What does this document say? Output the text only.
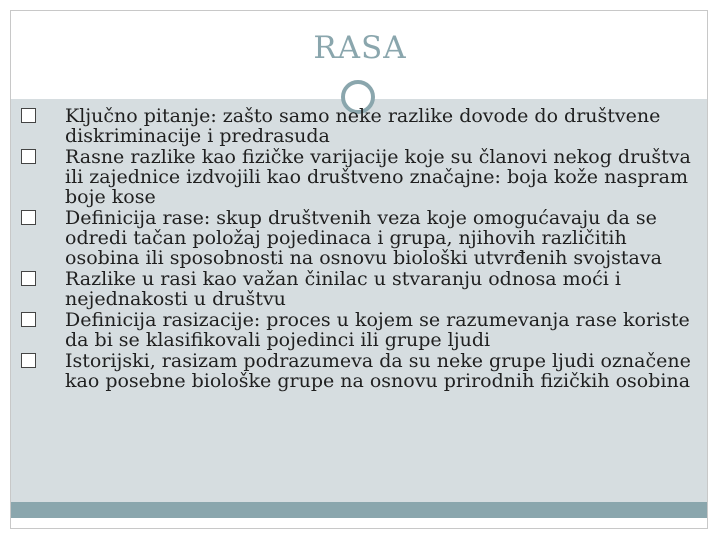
RASA
Ključno pitanje: zašto samo neke razlike dovode do društvene diskriminacije i predrasuda
Rasne razlike kao fizičke varijacije koje su članovi nekog društva ili zajednice izdvojili kao društveno značajne: boja kože naspram boje kose
Definicija rase: skup društvenih veza koje omogućavaju da se odredi tačan položaj pojedinaca i grupa, njihovih različitih osobina ili sposobnosti na osnovu biološki utvrđenih svojstava
Razlike u rasi kao važan činilac u stvaranju odnosa moći i nejednakosti u društvu
Definicija rasizacije: proces u kojem se razumevanja rase koriste da bi se klasifikovali pojedinci ili grupe ljudi
Istorijski, rasizam podrazumeva da su neke grupe ljudi označene kao posebne biološke grupe na osnovu prirodnih fizičkih osobina
